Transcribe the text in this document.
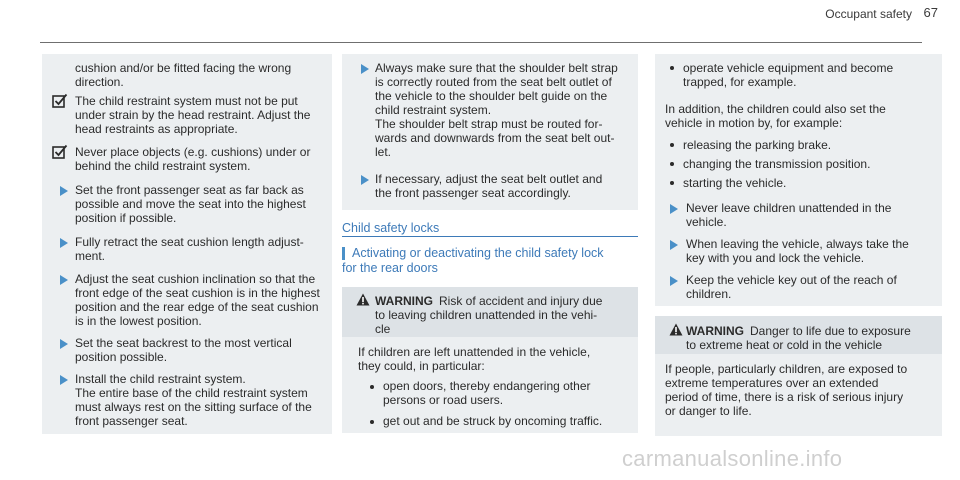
Occupant safety 67
cushion and/or be fitted facing the wrong
direction.
The child restraint system must not be put
under strain by the head restraint. Adjust the
head restraints as appropriate.
Never place objects (e.g. cushions) under or
behind the child restraint system.
Set the front passenger seat as far back as
possible and move the seat into the highest
position if possible.
Fully retract the seat cushion length adjust-
ment.
Adjust the seat cushion inclination so that the
front edge of the seat cushion is in the highest
position and the rear edge of the seat cushion
is in the lowest position.
Set the seat backrest to the most vertical
position possible.
Install the child restraint system.
The entire base of the child restraint system
must always rest on the sitting surface of the
front passenger seat.
Always make sure that the shoulder belt strap
is correctly routed from the seat belt outlet of
the vehicle to the shoulder belt guide on the
child restraint system.
The shoulder belt strap must be routed for-
wards and downwards from the seat belt out-
let.
If necessary, adjust the seat belt outlet and
the front passenger seat accordingly.
Child safety locks
Activating or deactivating the child safety lock
for the rear doors
WARNING Risk of accident and injury due
to leaving children unattended in the vehi-
cle
If children are left unattended in the vehicle,
they could, in particular:
open doors, thereby endangering other
persons or road users.
get out and be struck by oncoming traffic.
operate vehicle equipment and become
trapped, for example.
In addition, the children could also set the
vehicle in motion by, for example:
releasing the parking brake.
changing the transmission position.
starting the vehicle.
Never leave children unattended in the
vehicle.
When leaving the vehicle, always take the
key with you and lock the vehicle.
Keep the vehicle key out of the reach of
children.
WARNING Danger to life due to exposure
to extreme heat or cold in the vehicle
If people, particularly children, are exposed to
extreme temperatures over an extended
period of time, there is a risk of serious injury
or danger to life.
carmanualsonline.info
